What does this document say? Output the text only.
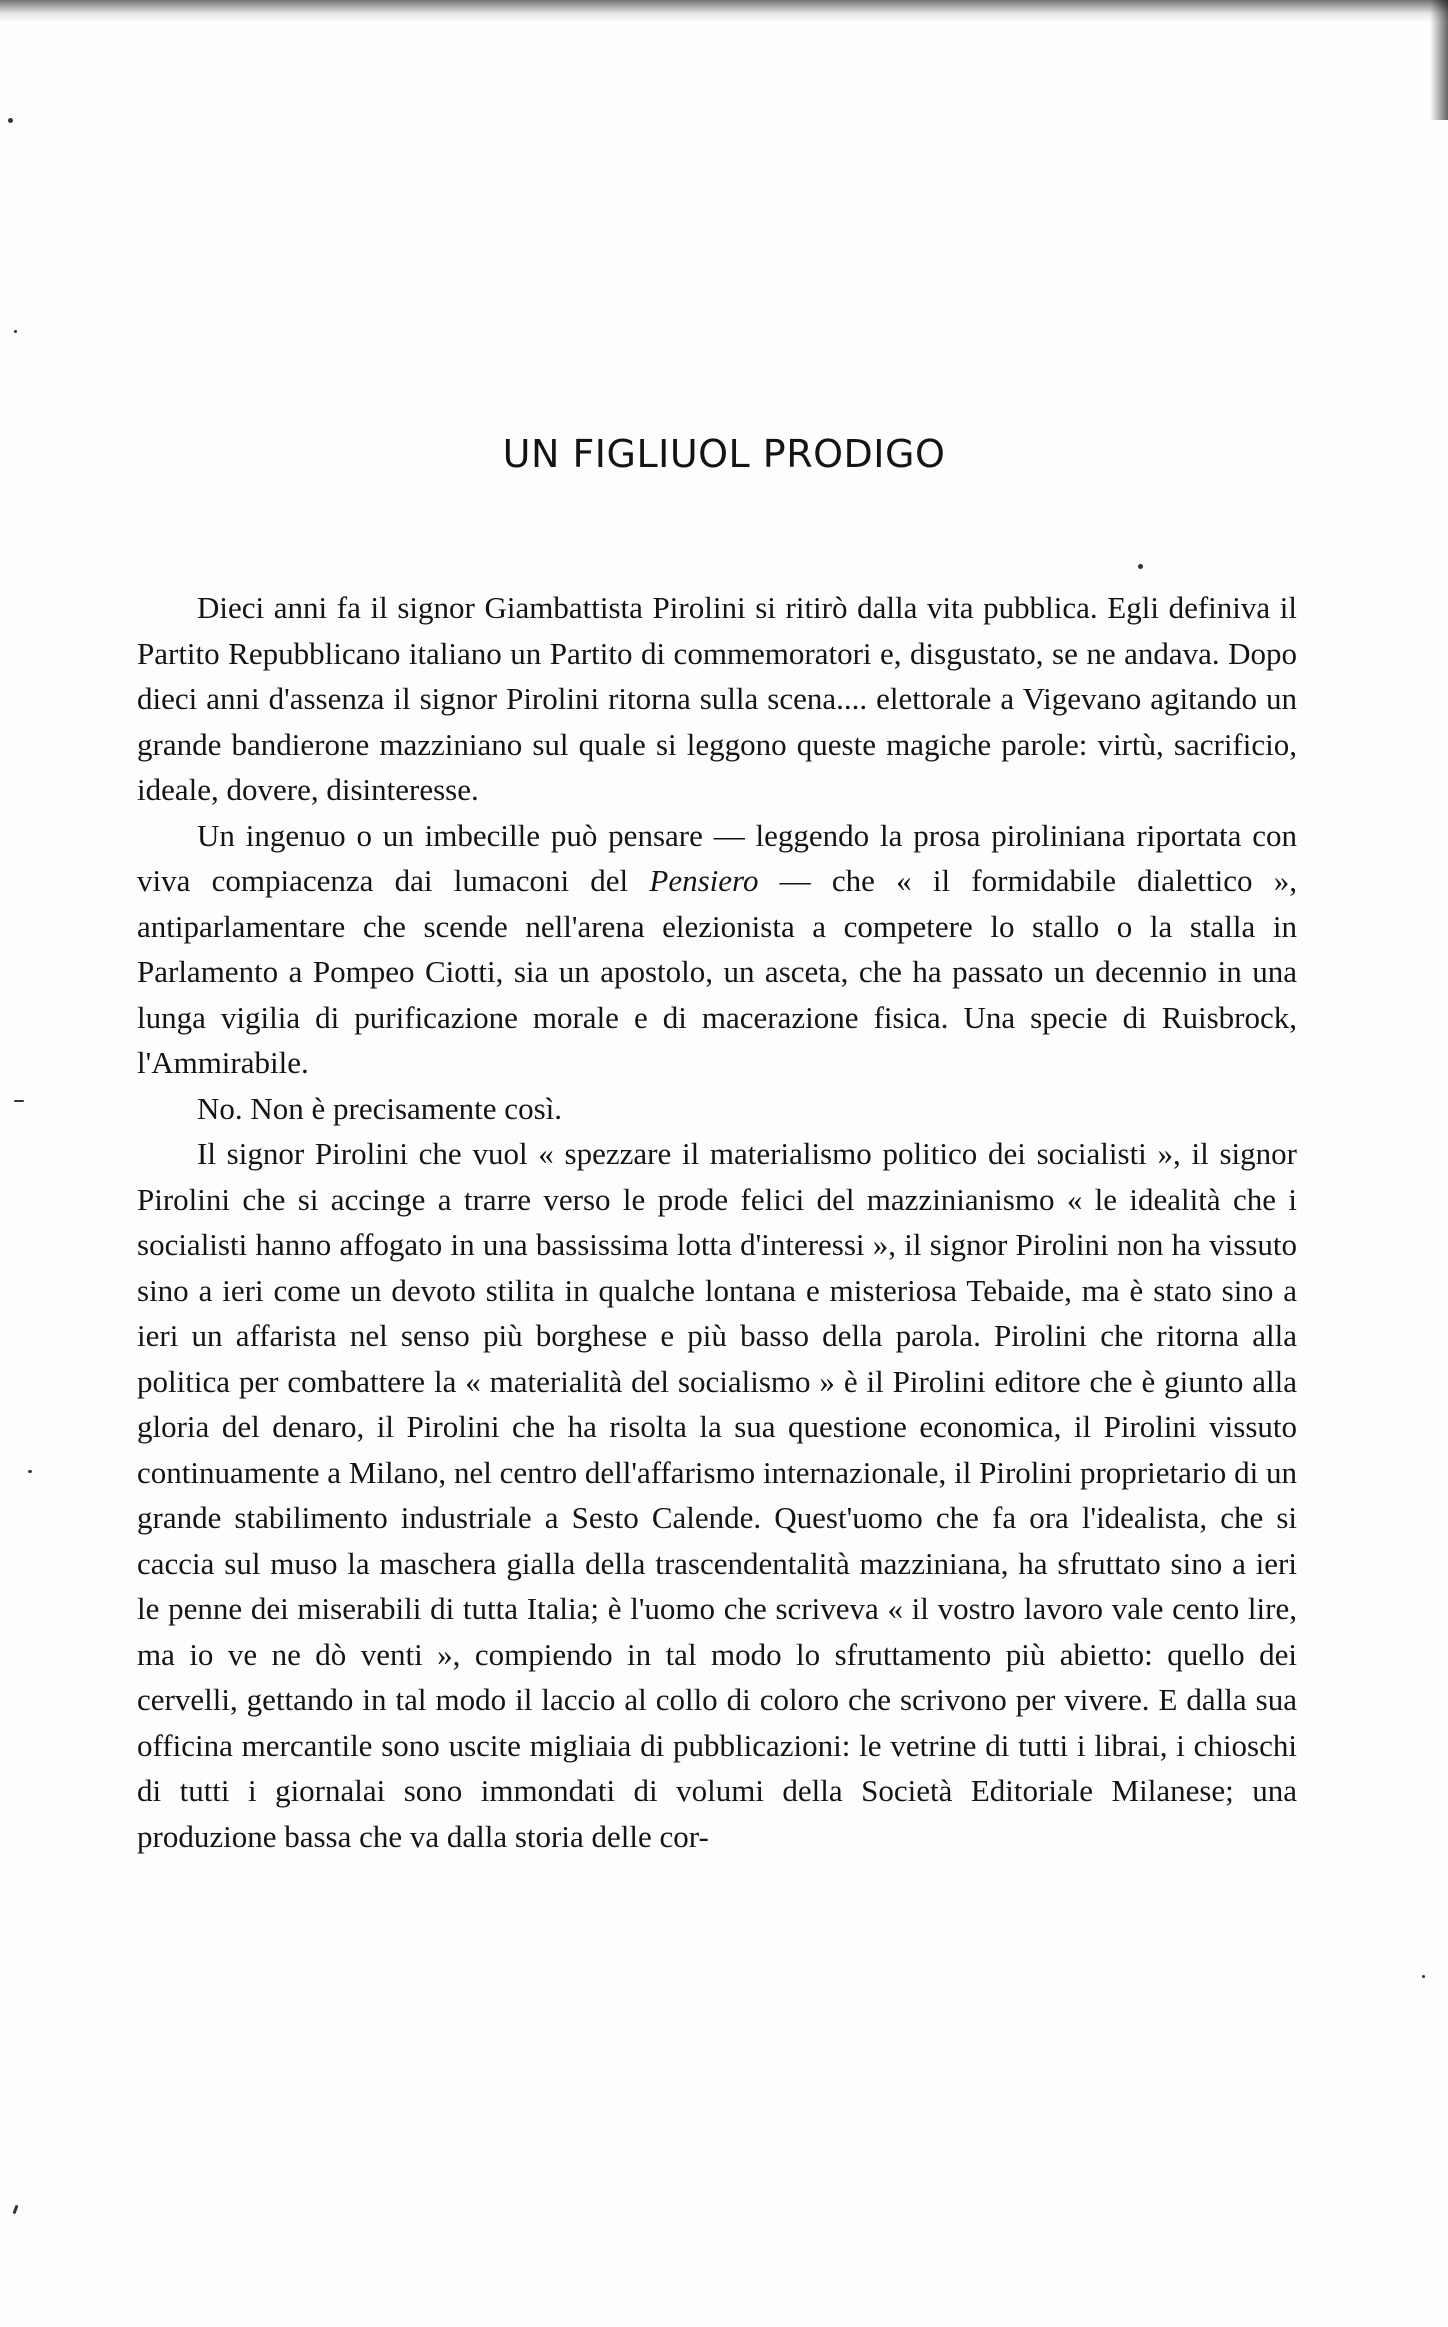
UN FIGLIUOL PRODIGO

Dieci anni fa il signor Giambattista Pirolini si ritirò dalla vita pubblica. Egli definiva il Partito Repubblicano italiano un Partito di commemoratori e, disgustato, se ne andava. Dopo dieci anni d'assenza il signor Pirolini ritorna sulla scena.... elettorale a Vigevano agitando un grande bandierone mazziniano sul quale si leggono queste magiche parole: virtù, sacrificio, ideale, dovere, disinteresse.

Un ingenuo o un imbecille può pensare — leggendo la prosa piroliniana riportata con viva compiacenza dai lumaconi del Pensiero — che « il formidabile dialettico », antiparlamentare che scende nell'arena elezionista a competere lo stallo o la stalla in Parlamento a Pompeo Ciotti, sia un apostolo, un asceta, che ha passato un decennio in una lunga vigilia di purificazione morale e di macerazione fisica. Una specie di Ruisbrock, l'Ammirabile.

No. Non è precisamente così.

Il signor Pirolini che vuol « spezzare il materialismo politico dei socialisti », il signor Pirolini che si accinge a trarre verso le prode felici del mazzinianismo « le idealità che i socialisti hanno affogato in una bassissima lotta d'interessi », il signor Pirolini non ha vissuto sino a ieri come un devoto stilita in qualche lontana e misteriosa Tebaide, ma è stato sino a ieri un affarista nel senso più borghese e più basso della parola. Pirolini che ritorna alla politica per combattere la « materialità del socialismo » è il Pirolini editore che è giunto alla gloria del denaro, il Pirolini che ha risolta la sua questione economica, il Pirolini vissuto continuamente a Milano, nel centro dell'affarismo internazionale, il Pirolini proprietario di un grande stabilimento industriale a Sesto Calende. Quest'uomo che fa ora l'idealista, che si caccia sul muso la maschera gialla della trascendentalità mazziniana, ha sfruttato sino a ieri le penne dei miserabili di tutta Italia; è l'uomo che scriveva « il vostro lavoro vale cento lire, ma io ve ne dò venti », compiendo in tal modo lo sfruttamento più abietto: quello dei cervelli, gettando in tal modo il laccio al collo di coloro che scrivono per vivere. E dalla sua officina mercantile sono uscite migliaia di pubblicazioni: le vetrine di tutti i librai, i chioschi di tutti i giornalai sono immondati di volumi della Società Editoriale Milanese; una produzione bassa che va dalla storia delle cor-
